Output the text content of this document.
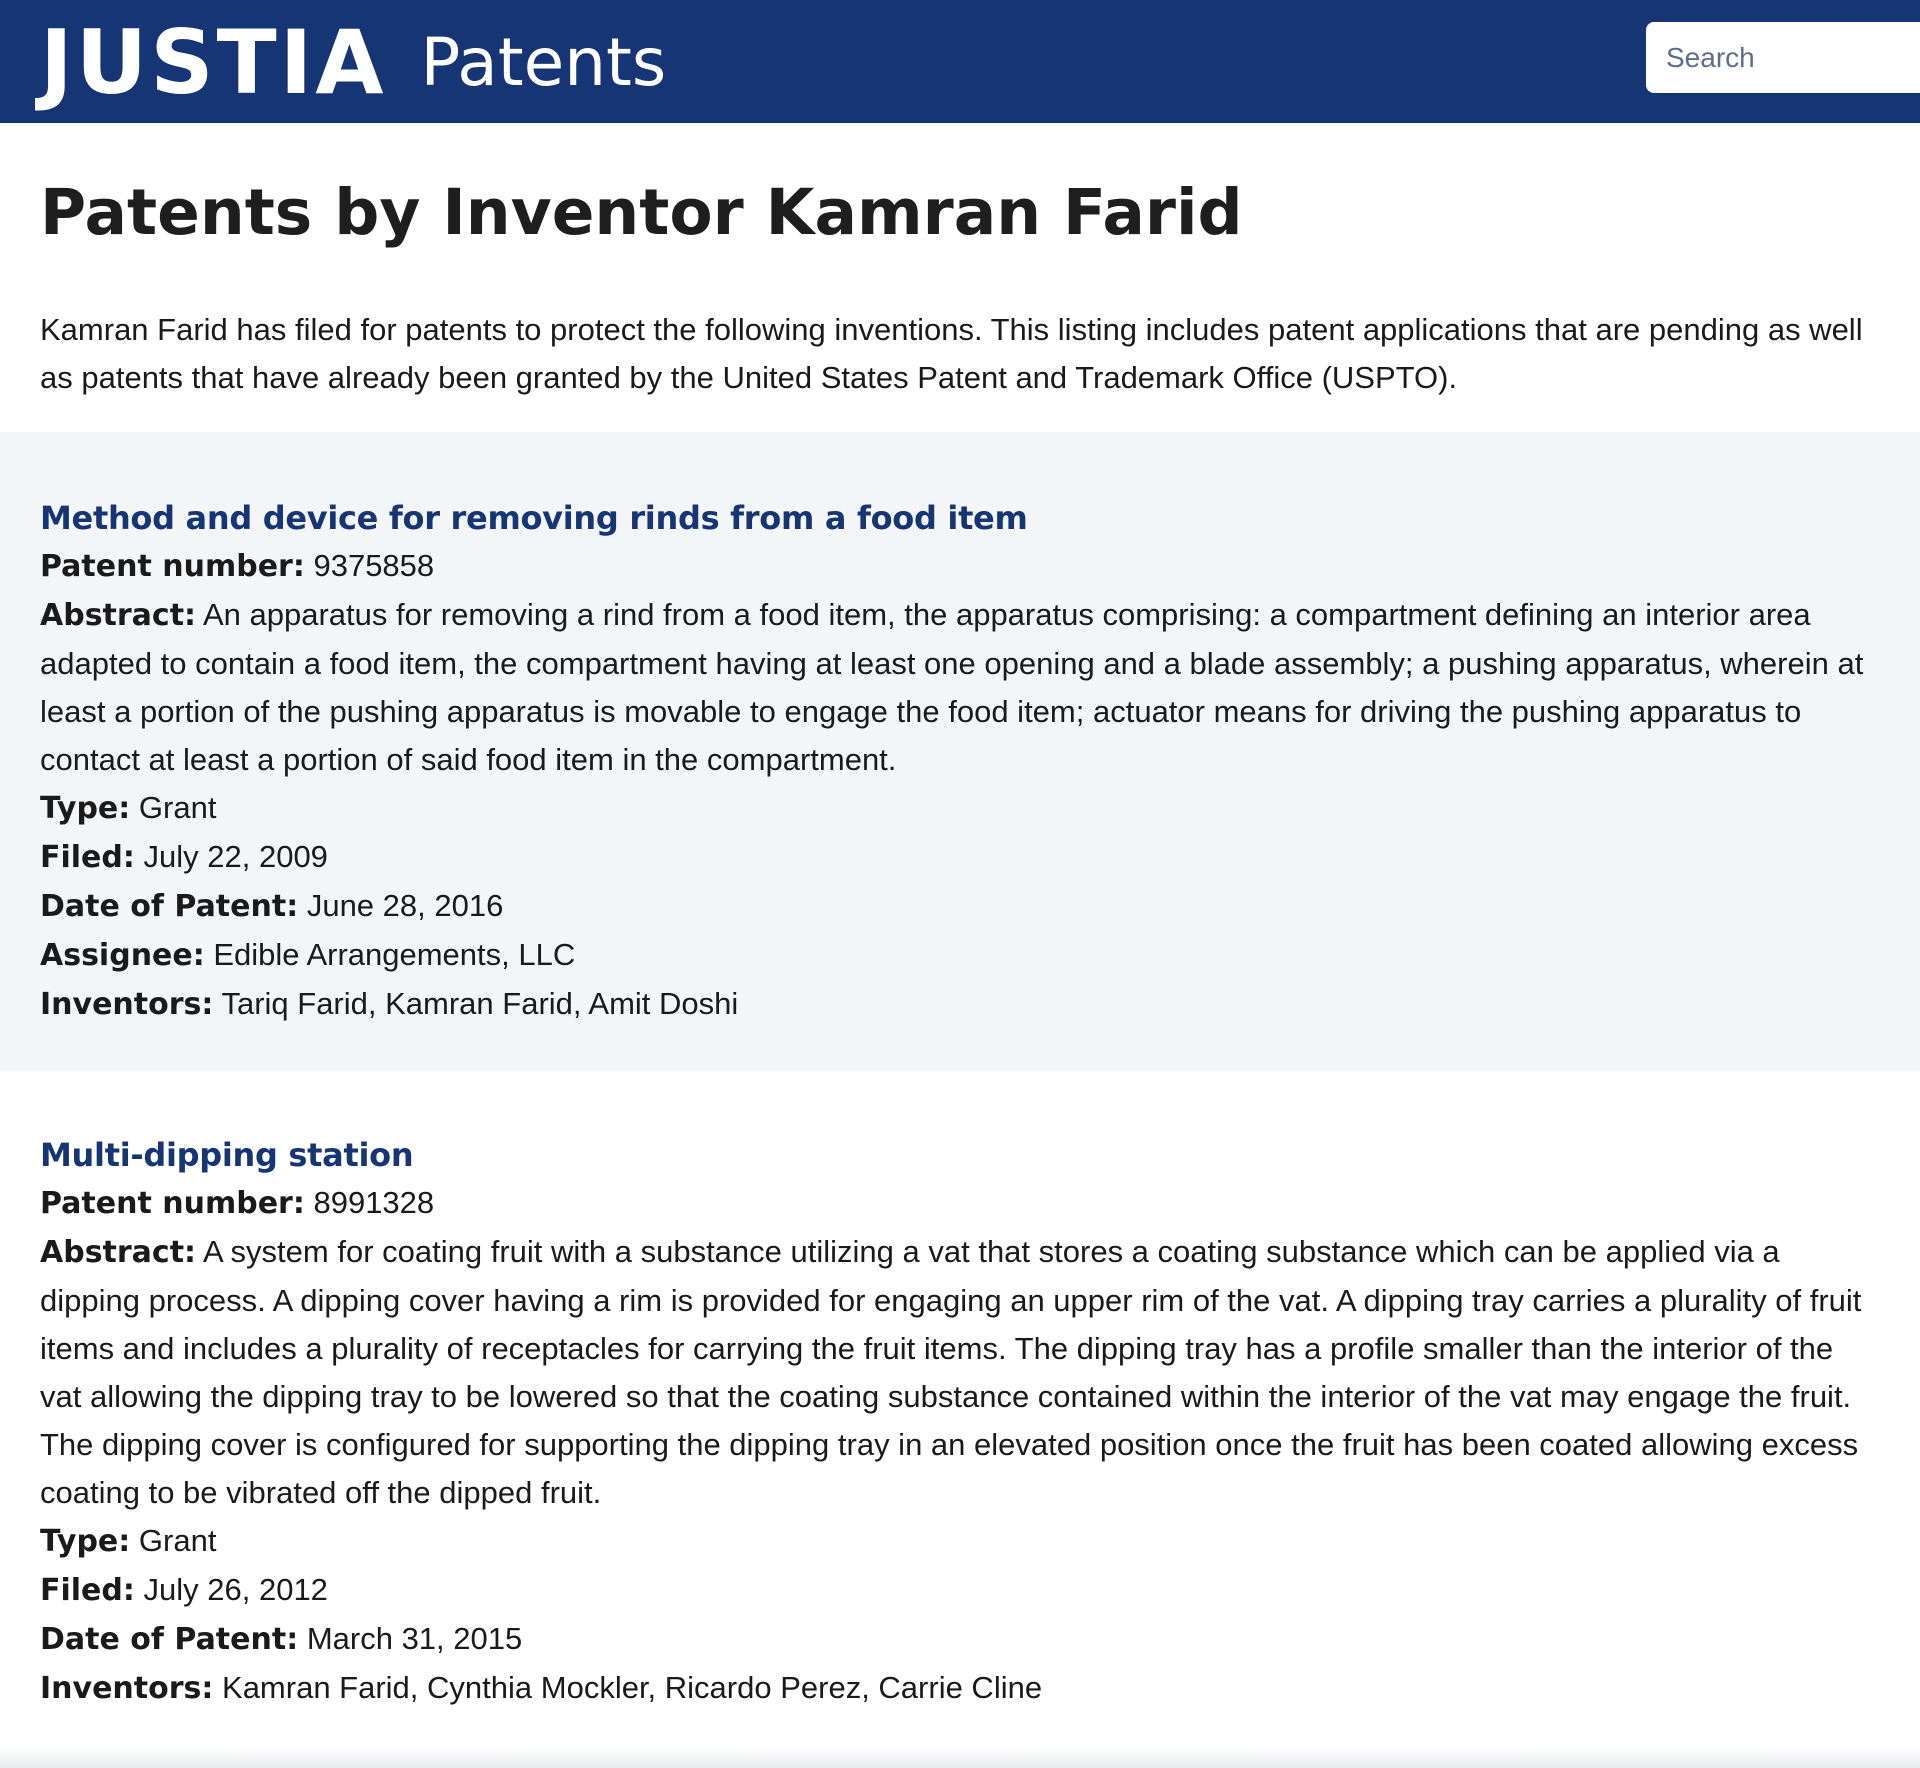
JUSTIA Patents
Search
Patents by Inventor Kamran Farid

Kamran Farid has filed for patents to protect the following inventions. This listing includes patent applications that are pending as well as patents that have already been granted by the United States Patent and Trademark Office (USPTO).

Method and device for removing rinds from a food item

Patent number: 9375858

Abstract: An apparatus for removing a rind from a food item, the apparatus comprising: a compartment defining an interior area adapted to contain a food item, the compartment having at least one opening and a blade assembly; a pushing apparatus, wherein at least a portion of the pushing apparatus is movable to engage the food item; actuator means for driving the pushing apparatus to contact at least a portion of said food item in the compartment.

Type: Grant

Filed: July 22, 2009

Date of Patent: June 28, 2016

Assignee: Edible Arrangements, LLC

Inventors: Tariq Farid, Kamran Farid, Amit Doshi

Multi-dipping station

Patent number: 8991328

Abstract: A system for coating fruit with a substance utilizing a vat that stores a coating substance which can be applied via a dipping process. A dipping cover having a rim is provided for engaging an upper rim of the vat. A dipping tray carries a plurality of fruit items and includes a plurality of receptacles for carrying the fruit items. The dipping tray has a profile smaller than the interior of the vat allowing the dipping tray to be lowered so that the coating substance contained within the interior of the vat may engage the fruit. The dipping cover is configured for supporting the dipping tray in an elevated position once the fruit has been coated allowing excess coating to be vibrated off the dipped fruit.

Type: Grant

Filed: July 26, 2012

Date of Patent: March 31, 2015

Inventors: Kamran Farid, Cynthia Mockler, Ricardo Perez, Carrie Cline
